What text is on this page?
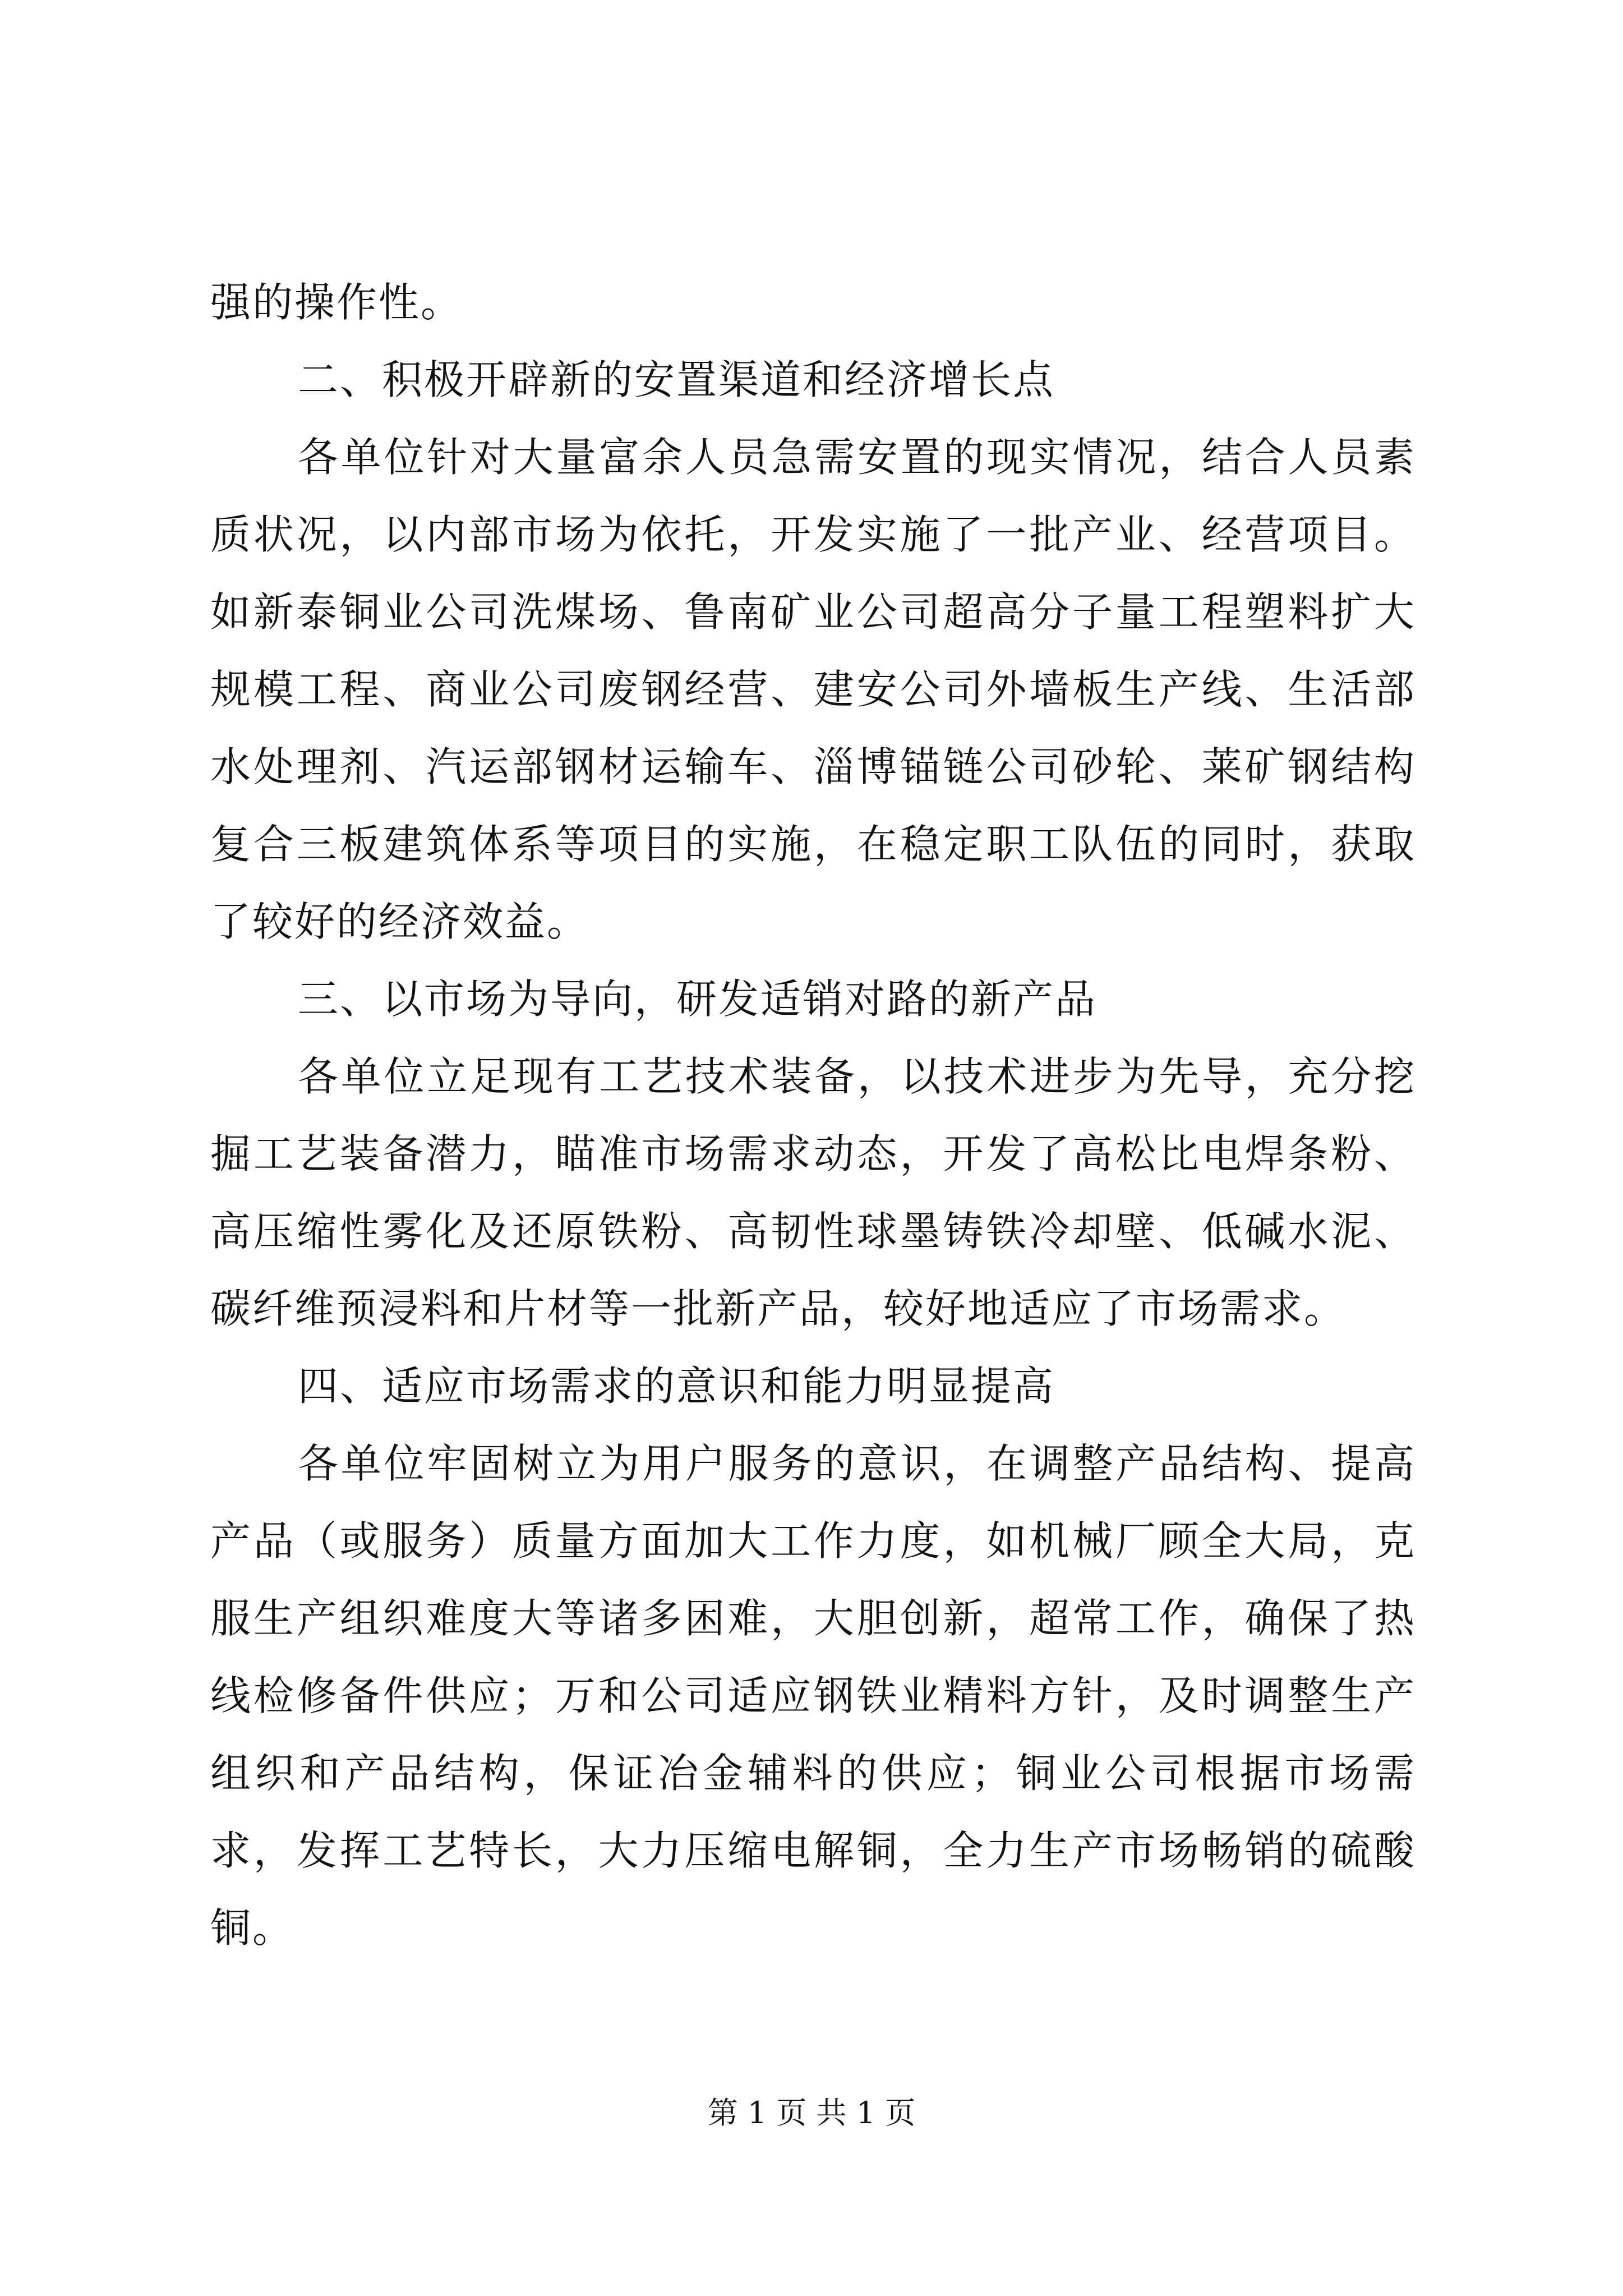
强的操作性。

二、积极开辟新的安置渠道和经济增长点

各单位针对大量富余人员急需安置的现实情况，结合人员素质状况，以内部市场为依托，开发实施了一批产业、经营项目。如新泰铜业公司洗煤场、鲁南矿业公司超高分子量工程塑料扩大规模工程、商业公司废钢经营、建安公司外墙板生产线、生活部水处理剂、汽运部钢材运输车、淄博锚链公司砂轮、莱矿钢结构复合三板建筑体系等项目的实施，在稳定职工队伍的同时，获取了较好的经济效益。

三、以市场为导向，研发适销对路的新产品

各单位立足现有工艺技术装备，以技术进步为先导，充分挖掘工艺装备潜力，瞄准市场需求动态，开发了高松比电焊条粉、高压缩性雾化及还原铁粉、高韧性球墨铸铁冷却壁、低碱水泥、碳纤维预浸料和片材等一批新产品，较好地适应了市场需求。

四、适应市场需求的意识和能力明显提高

各单位牢固树立为用户服务的意识，在调整产品结构、提高产品（或服务）质量方面加大工作力度，如机械厂顾全大局，克服生产组织难度大等诸多困难，大胆创新，超常工作，确保了热线检修备件供应；万和公司适应钢铁业精料方针，及时调整生产组织和产品结构，保证冶金辅料的供应；铜业公司根据市场需求，发挥工艺特长，大力压缩电解铜，全力生产市场畅销的硫酸铜。

第 1 页 共 1 页
